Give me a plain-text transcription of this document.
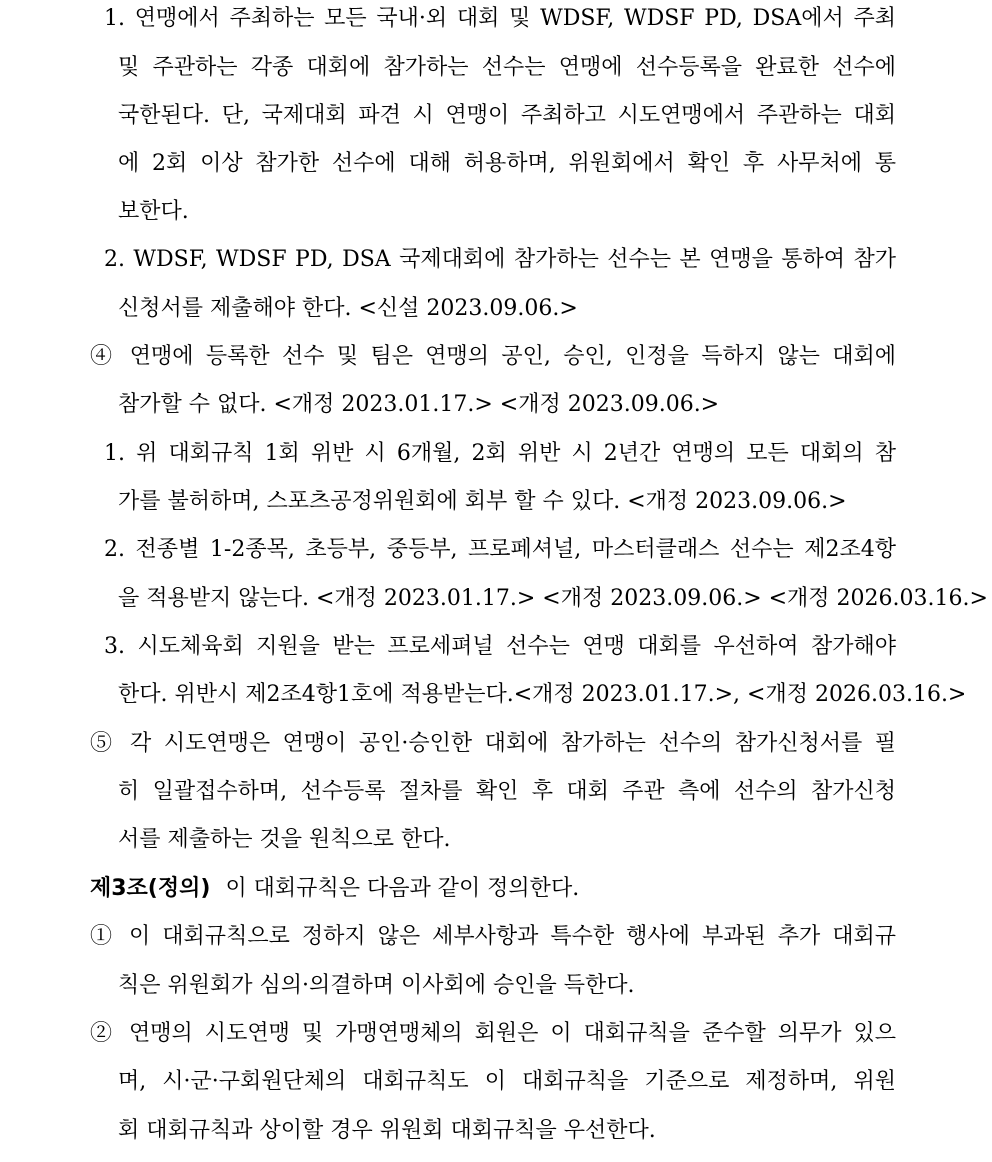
1. 연맹에서 주최하는 모든 국내·외 대회 및 WDSF, WDSF PD, DSA에서 주최
및 주관하는 각종 대회에 참가하는 선수는 연맹에 선수등록을 완료한 선수에
국한된다. 단, 국제대회 파견 시 연맹이 주최하고 시도연맹에서 주관하는 대회
에 2회 이상 참가한 선수에 대해 허용하며, 위원회에서 확인 후 사무처에 통
보한다.
2. WDSF, WDSF PD, DSA 국제대회에 참가하는 선수는 본 연맹을 통하여 참가
신청서를 제출해야 한다. <신설 2023.09.06.>
④ 연맹에 등록한 선수 및 팀은 연맹의 공인, 승인, 인정을 득하지 않는 대회에
참가할 수 없다. <개정 2023.01.17.> <개정 2023.09.06.>
1. 위 대회규칙 1회 위반 시 6개월, 2회 위반 시 2년간 연맹의 모든 대회의 참
가를 불허하며, 스포츠공정위원회에 회부 할 수 있다. <개정 2023.09.06.>
2. 전종별 1-2종목, 초등부, 중등부, 프로페셔널, 마스터클래스 선수는 제2조4항
을 적용받지 않는다. <개정 2023.01.17.> <개정 2023.09.06.> <개정 2026.03.16.>
3. 시도체육회 지원을 받는 프로세펴널 선수는 연맹 대회를 우선하여 참가해야
한다. 위반시 제2조4항1호에 적용받는다.<개정 2023.01.17.>, <개정 2026.03.16.>
⑤ 각 시도연맹은 연맹이 공인·승인한 대회에 참가하는 선수의 참가신청서를 필
히 일괄접수하며, 선수등록 절차를 확인 후 대회 주관 측에 선수의 참가신청
서를 제출하는 것을 원칙으로 한다.
제3조(정의) 이 대회규칙은 다음과 같이 정의한다.
① 이 대회규칙으로 정하지 않은 세부사항과 특수한 행사에 부과된 추가 대회규
칙은 위원회가 심의·의결하며 이사회에 승인을 득한다.
② 연맹의 시도연맹 및 가맹연맹체의 회원은 이 대회규칙을 준수할 의무가 있으
며, 시·군·구회원단체의 대회규칙도 이 대회규칙을 기준으로 제정하며, 위원
회 대회규칙과 상이할 경우 위원회 대회규칙을 우선한다.
